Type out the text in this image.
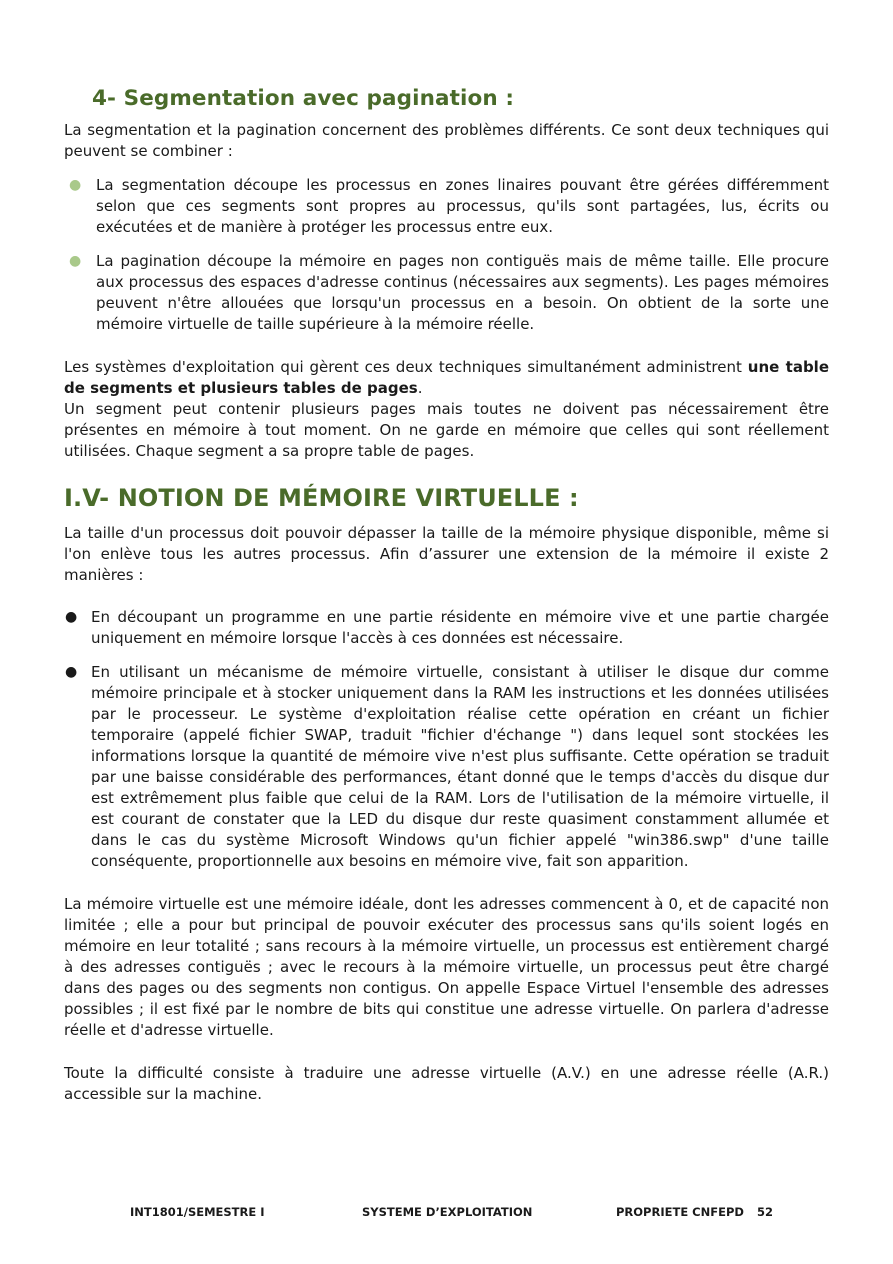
4- Segmentation avec pagination :

La segmentation et la pagination concernent des problèmes différents. Ce sont deux techniques qui peuvent se combiner :

● La segmentation découpe les processus en zones linaires pouvant être gérées différemment selon que ces segments sont propres au processus, qu'ils sont partagées, lus, écrits ou exécutées et de manière à protéger les processus entre eux.
● La pagination découpe la mémoire en pages non contiguës mais de même taille. Elle procure aux processus des espaces d'adresse continus (nécessaires aux segments). Les pages mémoires peuvent n'être allouées que lorsqu'un processus en a besoin. On obtient de la sorte une mémoire virtuelle de taille supérieure à la mémoire réelle.

Les systèmes d'exploitation qui gèrent ces deux techniques simultanément administrent une table de segments et plusieurs tables de pages.

Un segment peut contenir plusieurs pages mais toutes ne doivent pas nécessairement être présentes en mémoire à tout moment. On ne garde en mémoire que celles qui sont réellement utilisées. Chaque segment a sa propre table de pages.

I.V- NOTION DE MÉMOIRE VIRTUELLE :

La taille d'un processus doit pouvoir dépasser la taille de la mémoire physique disponible, même si l'on enlève tous les autres processus. Afin d’assurer une extension de la mémoire il existe 2 manières :

● En découpant un programme en une partie résidente en mémoire vive et une partie chargée uniquement en mémoire lorsque l'accès à ces données est nécessaire.
● En utilisant un mécanisme de mémoire virtuelle, consistant à utiliser le disque dur comme mémoire principale et à stocker uniquement dans la RAM les instructions et les données utilisées par le processeur. Le système d'exploitation réalise cette opération en créant un fichier temporaire (appelé fichier SWAP, traduit "fichier d'échange ") dans lequel sont stockées les informations lorsque la quantité de mémoire vive n'est plus suffisante. Cette opération se traduit par une baisse considérable des performances, étant donné que le temps d'accès du disque dur est extrêmement plus faible que celui de la RAM. Lors de l'utilisation de la mémoire virtuelle, il est courant de constater que la LED du disque dur reste quasiment constamment allumée et dans le cas du système Microsoft Windows qu'un fichier appelé "win386.swp" d'une taille conséquente, proportionnelle aux besoins en mémoire vive, fait son apparition.

La mémoire virtuelle est une mémoire idéale, dont les adresses commencent à 0, et de capacité non limitée ; elle a pour but principal de pouvoir exécuter des processus sans qu'ils soient logés en mémoire en leur totalité ; sans recours à la mémoire virtuelle, un processus est entièrement chargé à des adresses contiguës ; avec le recours à la mémoire virtuelle, un processus peut être chargé dans des pages ou des segments non contigus. On appelle Espace Virtuel l'ensemble des adresses possibles ; il est fixé par le nombre de bits qui constitue une adresse virtuelle. On parlera d'adresse réelle et d'adresse virtuelle.

Toute la difficulté consiste à traduire une adresse virtuelle (A.V.) en une adresse réelle (A.R.) accessible sur la machine.

INT1801/SEMESTRE I	SYSTEME D’EXPLOITATION	PROPRIETE CNFEPD 52
